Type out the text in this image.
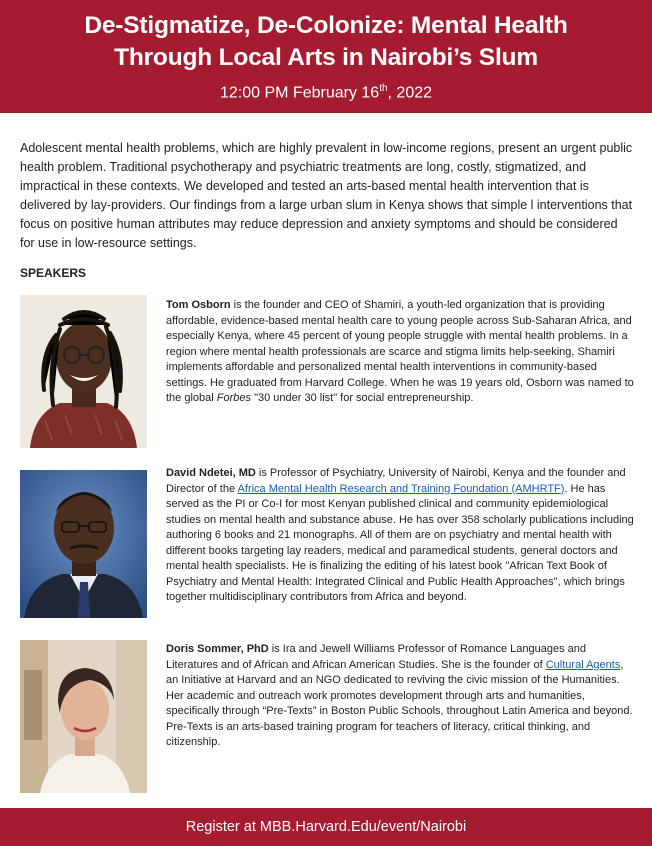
De-Stigmatize, De-Colonize: Mental Health
Through Local Arts in Nairobi’s Slum
12:00 PM February 16th, 2022

Adolescent mental health problems, which are highly prevalent in low-income regions, present an urgent public health problem. Traditional psychotherapy and psychiatric treatments are long, costly, stigmatized, and impractical in these contexts. We developed and tested an arts-based mental health intervention that is delivered by lay-providers. Our findings from a large urban slum in Kenya shows that simple l interventions that focus on positive human attributes may reduce depression and anxiety symptoms and should be considered for use in low-resource settings.

SPEAKERS

Tom Osborn is the founder and CEO of Shamiri, a youth-led organization that is providing affordable, evidence-based mental health care to young people across Sub-Saharan Africa, and especially Kenya, where 45 percent of young people struggle with mental health problems. In a region where mental health professionals are scarce and stigma limits help-seeking, Shamiri implements affordable and personalized mental health interventions in community-based settings. He graduated from Harvard College. When he was 19 years old, Osborn was named to the global Forbes "30 under 30 list" for social entrepreneurship.

David Ndetei, MD is Professor of Psychiatry, University of Nairobi, Kenya and the founder and Director of the Africa Mental Health Research and Training Foundation (AMHRTF). He has served as the PI or Co-I for most Kenyan published clinical and community epidemiological studies on mental health and substance abuse. He has over 358 scholarly publications including authoring 6 books and 21 monographs. All of them are on psychiatry and mental health with different books targeting lay readers, medical and paramedical students, general doctors and mental health specialists. He is finalizing the editing of his latest book "African Text Book of Psychiatry and Mental Health: Integrated Clinical and Public Health Approaches", which brings together multidisciplinary contributors from Africa and beyond.

Doris Sommer, PhD is Ira and Jewell Williams Professor of Romance Languages and Literatures and of African and African American Studies. She is the founder of Cultural Agents, an Initiative at Harvard and an NGO dedicated to reviving the civic mission of the Humanities. Her academic and outreach work promotes development through arts and humanities, specifically through “Pre-Texts” in Boston Public Schools, throughout Latin America and beyond. Pre-Texts is an arts-based training program for teachers of literacy, critical thinking, and citizenship.

Register at MBB.Harvard.Edu/event/Nairobi
